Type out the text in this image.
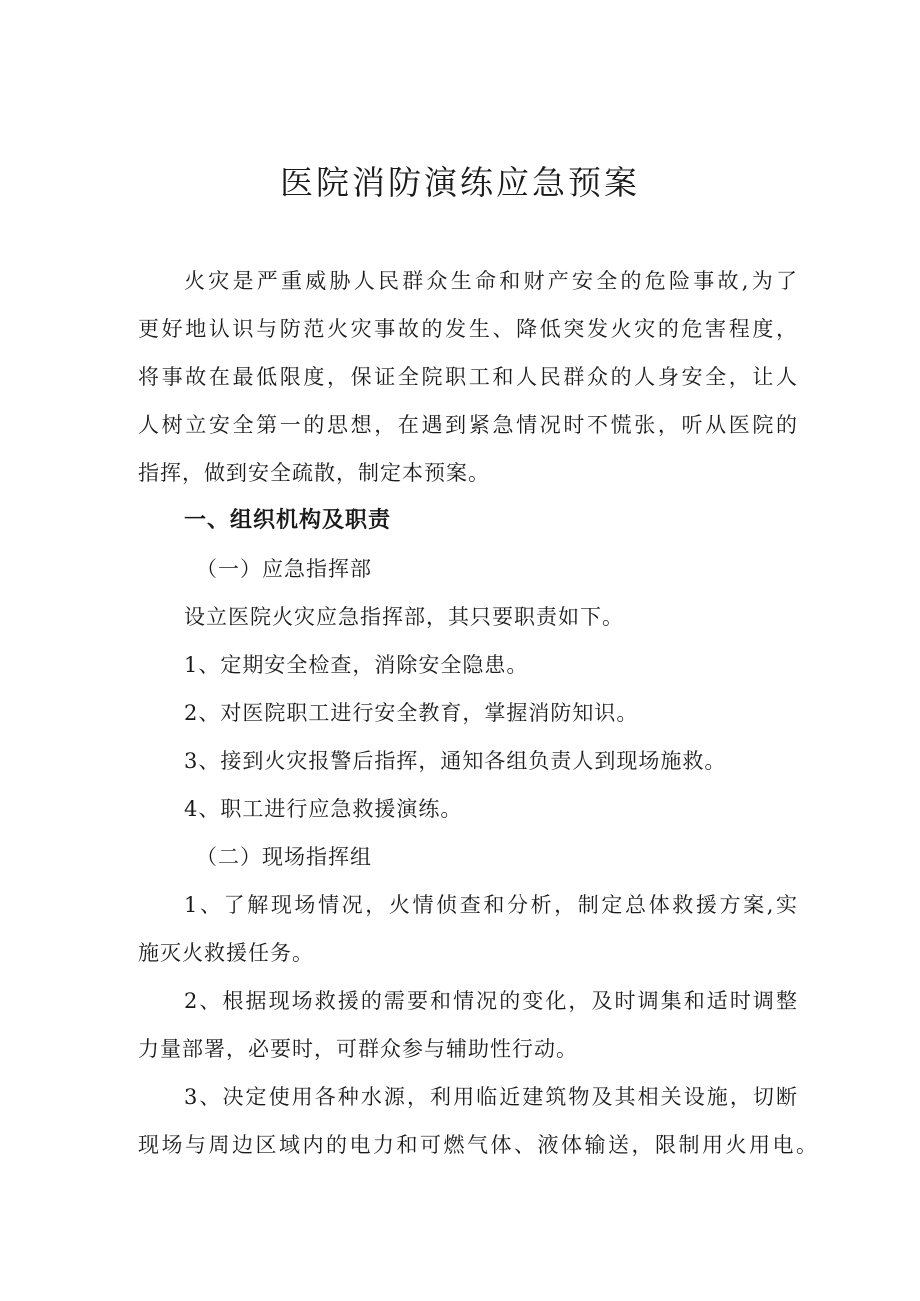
医院消防演练应急预案
火灾是严重威胁人民群众生命和财产安全的危险事故,为了
更好地认识与防范火灾事故的发生、降低突发火灾的危害程度，
将事故在最低限度，保证全院职工和人民群众的人身安全，让人
人树立安全第一的思想，在遇到紧急情况时不慌张，听从医院的
指挥，做到安全疏散，制定本预案。
一、组织机构及职责
（一）应急指挥部
设立医院火灾应急指挥部，其只要职责如下。
1、定期安全检查，消除安全隐患。
2、对医院职工进行安全教育，掌握消防知识。
3、接到火灾报警后指挥，通知各组负责人到现场施救。
4、职工进行应急救援演练。
（二）现场指挥组
1、了解现场情况，火情侦查和分析，制定总体救援方案,实
施灭火救援任务。
2、根据现场救援的需要和情况的变化，及时调集和适时调整
力量部署，必要时，可群众参与辅助性行动。
3、决定使用各种水源，利用临近建筑物及其相关设施，切断
现场与周边区域内的电力和可燃气体、液体输送，限制用火用电。
